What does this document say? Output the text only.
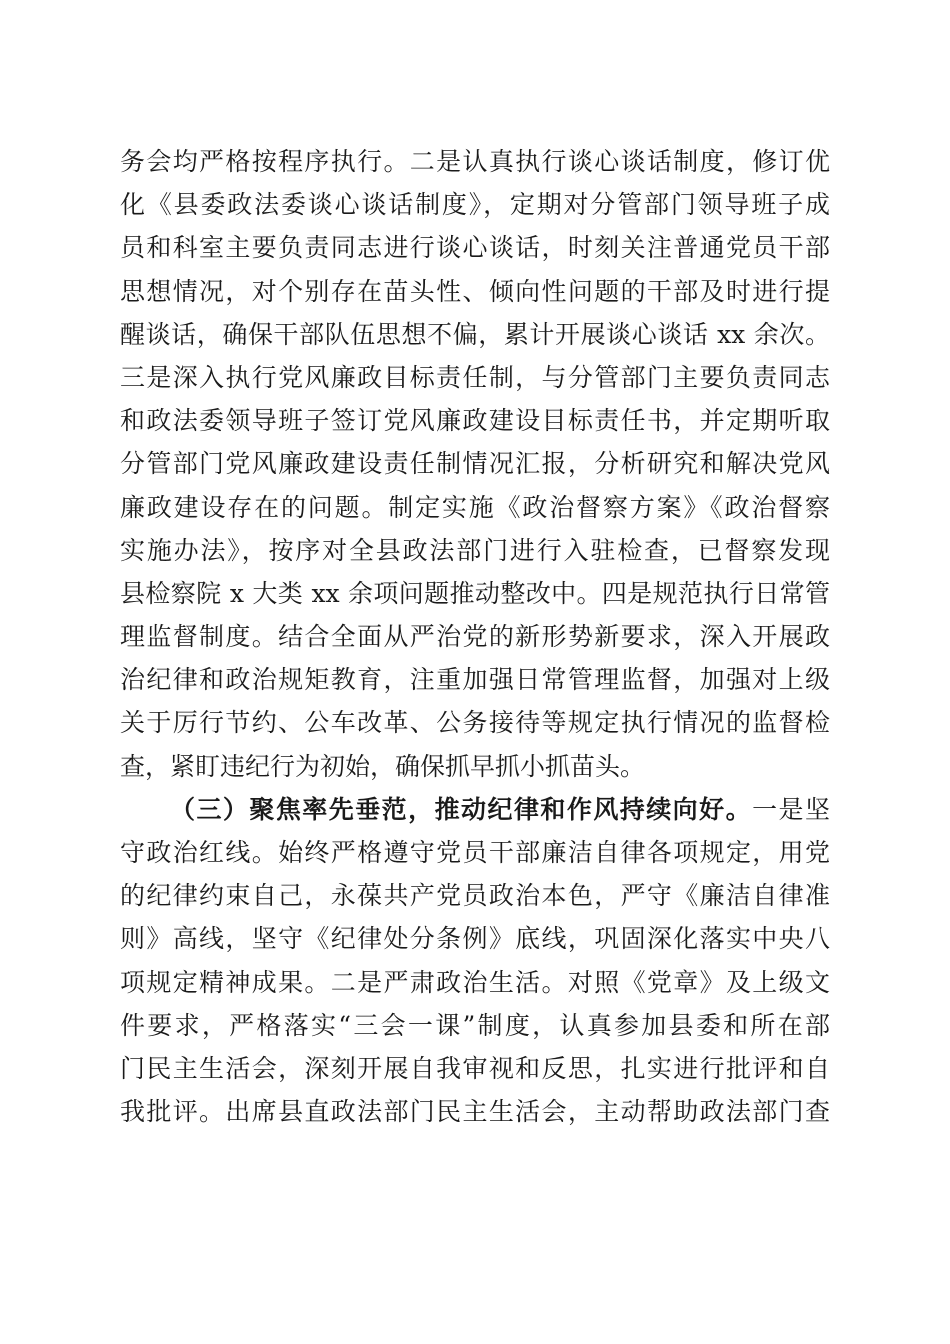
务会均严格按程序执行。二是认真执行谈心谈话制度，修订优
化《县委政法委谈心谈话制度》，定期对分管部门领导班子成
员和科室主要负责同志进行谈心谈话，时刻关注普通党员干部
思想情况，对个别存在苗头性、倾向性问题的干部及时进行提
醒谈话，确保干部队伍思想不偏，累计开展谈心谈话 xx 余次。
三是深入执行党风廉政目标责任制，与分管部门主要负责同志
和政法委领导班子签订党风廉政建设目标责任书，并定期听取
分管部门党风廉政建设责任制情况汇报，分析研究和解决党风
廉政建设存在的问题。制定实施《政治督察方案》《政治督察
实施办法》，按序对全县政法部门进行入驻检查，已督察发现
县检察院 x 大类 xx 余项问题推动整改中。四是规范执行日常管
理监督制度。结合全面从严治党的新形势新要求，深入开展政
治纪律和政治规矩教育，注重加强日常管理监督，加强对上级
关于厉行节约、公车改革、公务接待等规定执行情况的监督检
查，紧盯违纪行为初始，确保抓早抓小抓苗头。
（三）聚焦率先垂范，推动纪律和作风持续向好。一是坚
守政治红线。始终严格遵守党员干部廉洁自律各项规定，用党
的纪律约束自己，永葆共产党员政治本色，严守《廉洁自律准
则》高线，坚守《纪律处分条例》底线，巩固深化落实中央八
项规定精神成果。二是严肃政治生活。对照《党章》及上级文
件要求，严格落实“三会一课”制度，认真参加县委和所在部
门民主生活会，深刻开展自我审视和反思，扎实进行批评和自
我批评。出席县直政法部门民主生活会，主动帮助政法部门查
